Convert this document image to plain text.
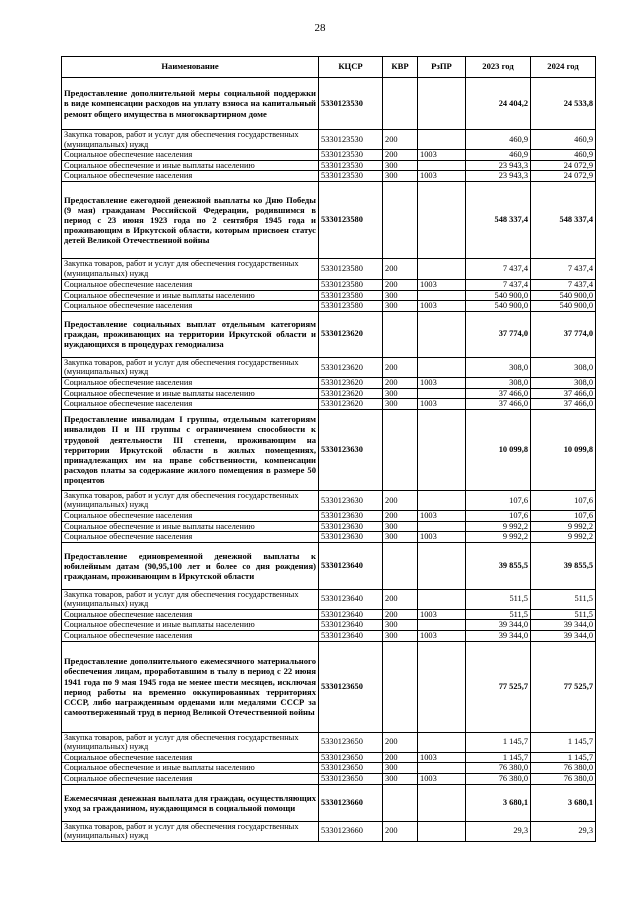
28
Наименование	КЦСР	КВР	РзПР	2023 год	2024 год
Предоставление дополнительной меры социальной поддержки в виде компенсации расходов на уплату взноса на капитальный ремонт общего имущества в многоквартирном доме	5330123530			24 404,2	24 533,8
Закупка товаров, работ и услуг для обеспечения государственных (муниципальных) нужд	5330123530	200		460,9	460,9
Социальное обеспечение населения	5330123530	200	1003	460,9	460,9
Социальное обеспечение и иные выплаты населению	5330123530	300		23 943,3	24 072,9
Социальное обеспечение населения	5330123530	300	1003	23 943,3	24 072,9
Предоставление ежегодной денежной выплаты ко Дню Победы (9 мая) гражданам Российской Федерации, родившимся в период с 23 июня 1923 года по 2 сентября 1945 года и проживающим в Иркутской области, которым присвоен статус детей Великой Отечественной войны	5330123580			548 337,4	548 337,4
Закупка товаров, работ и услуг для обеспечения государственных (муниципальных) нужд	5330123580	200		7 437,4	7 437,4
Социальное обеспечение населения	5330123580	200	1003	7 437,4	7 437,4
Социальное обеспечение и иные выплаты населению	5330123580	300		540 900,0	540 900,0
Социальное обеспечение населения	5330123580	300	1003	540 900,0	540 900,0
Предоставление социальных выплат отдельным категориям граждан, проживающих на территории Иркутской области и нуждающихся в процедурах гемодиализа	5330123620			37 774,0	37 774,0
Закупка товаров, работ и услуг для обеспечения государственных (муниципальных) нужд	5330123620	200		308,0	308,0
Социальное обеспечение населения	5330123620	200	1003	308,0	308,0
Социальное обеспечение и иные выплаты населению	5330123620	300		37 466,0	37 466,0
Социальное обеспечение населения	5330123620	300	1003	37 466,0	37 466,0
Предоставление инвалидам I группы, отдельным категориям инвалидов II и III группы с ограничением способности к трудовой деятельности III степени, проживающим на территории Иркутской области в жилых помещениях, принадлежащих им на праве собственности, компенсации расходов платы за содержание жилого помещения в размере 50 процентов	5330123630			10 099,8	10 099,8
Закупка товаров, работ и услуг для обеспечения государственных (муниципальных) нужд	5330123630	200		107,6	107,6
Социальное обеспечение населения	5330123630	200	1003	107,6	107,6
Социальное обеспечение и иные выплаты населению	5330123630	300		9 992,2	9 992,2
Социальное обеспечение населения	5330123630	300	1003	9 992,2	9 992,2
Предоставление единовременной денежной выплаты к юбилейным датам (90,95,100 лет и более со дня рождения) гражданам, проживающим в Иркутской области	5330123640			39 855,5	39 855,5
Закупка товаров, работ и услуг для обеспечения государственных (муниципальных) нужд	5330123640	200		511,5	511,5
Социальное обеспечение населения	5330123640	200	1003	511,5	511,5
Социальное обеспечение и иные выплаты населению	5330123640	300		39 344,0	39 344,0
Социальное обеспечение населения	5330123640	300	1003	39 344,0	39 344,0
Предоставление дополнительного ежемесячного материального обеспечения лицам, проработавшим в тылу в период с 22 июня 1941 года по 9 мая 1945 года не менее шести месяцев, исключая период работы на временно оккупированных территориях СССР, либо награжденным орденами или медалями СССР за самоотверженный труд в период Великой Отечественной войны	5330123650			77 525,7	77 525,7
Закупка товаров, работ и услуг для обеспечения государственных (муниципальных) нужд	5330123650	200		1 145,7	1 145,7
Социальное обеспечение населения	5330123650	200	1003	1 145,7	1 145,7
Социальное обеспечение и иные выплаты населению	5330123650	300		76 380,0	76 380,0
Социальное обеспечение населения	5330123650	300	1003	76 380,0	76 380,0
Ежемесячная денежная выплата для граждан, осуществляющих уход за гражданином, нуждающимся в социальной помощи	5330123660			3 680,1	3 680,1
Закупка товаров, работ и услуг для обеспечения государственных (муниципальных) нужд	5330123660	200		29,3	29,3
